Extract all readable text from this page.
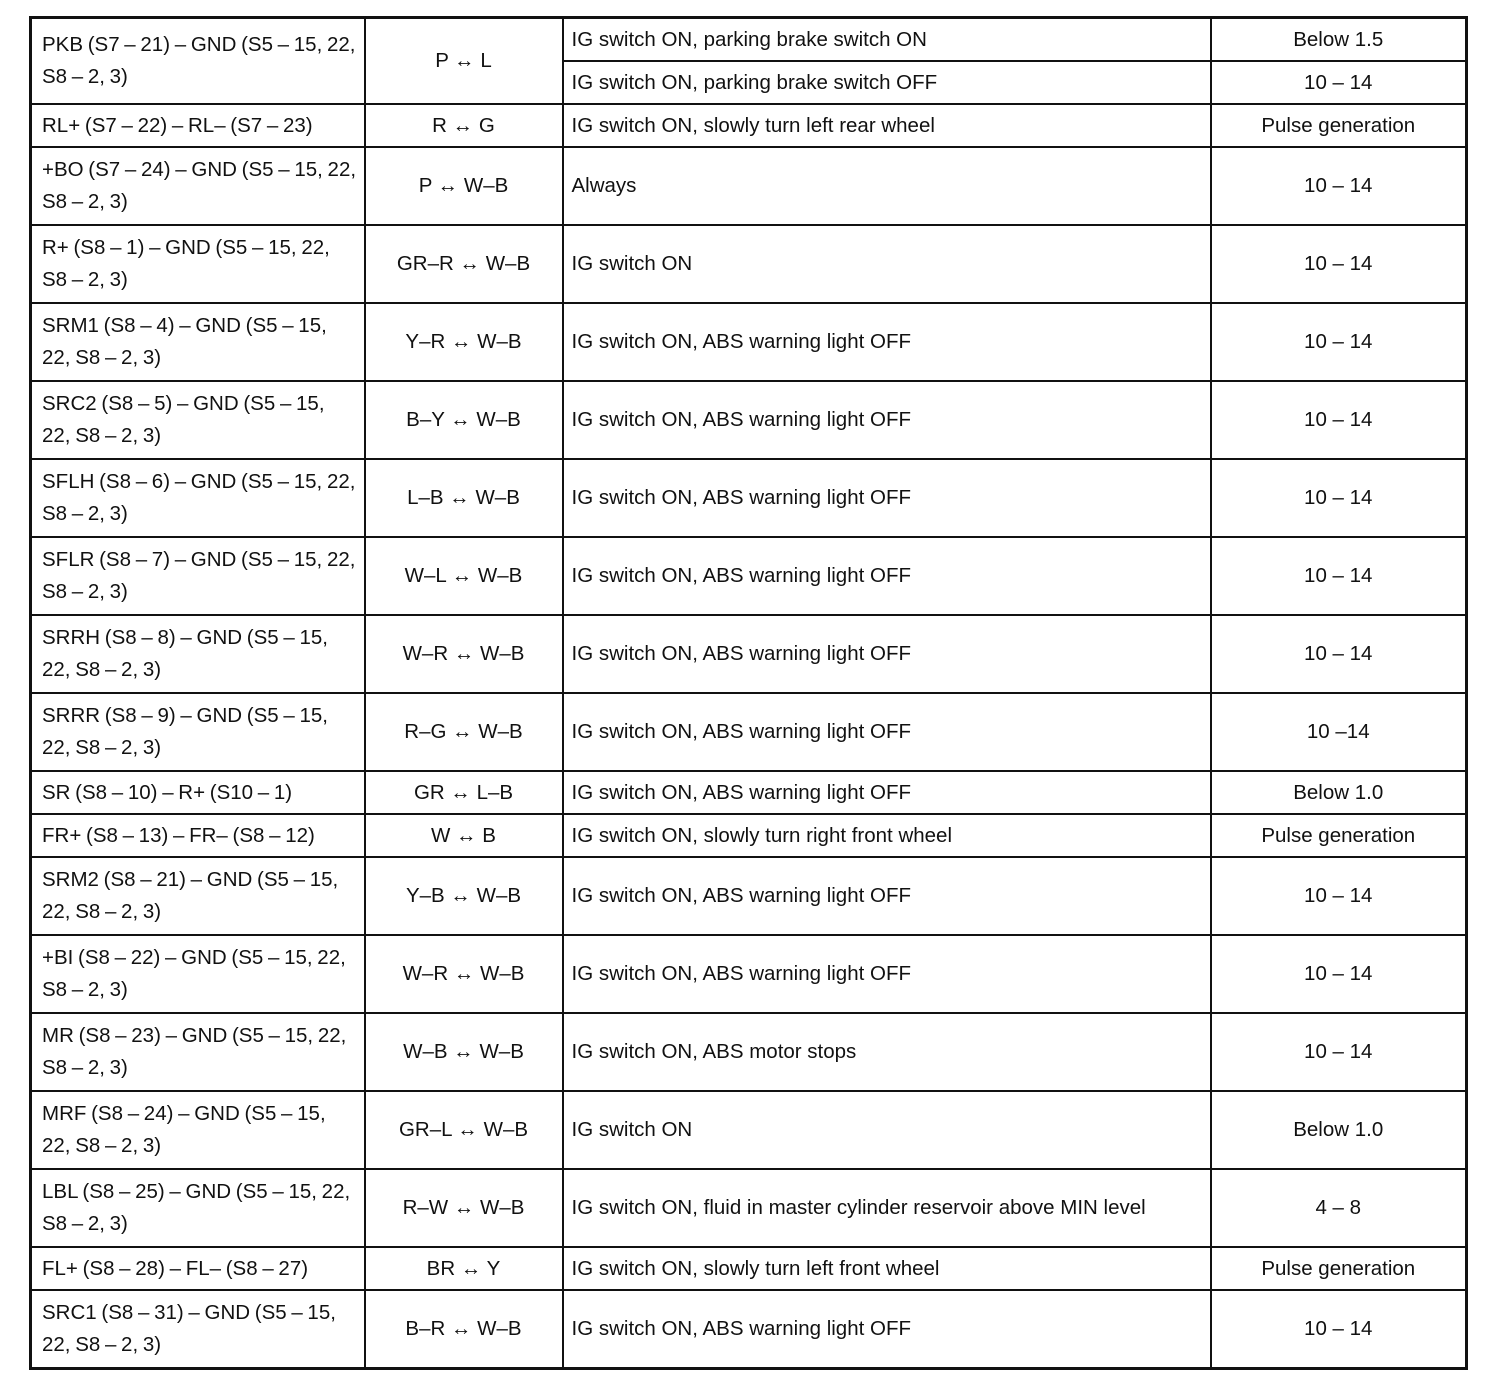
PKB (S7 – 21) – GND (S5 – 15, 22, S8 – 2, 3)	P ↔ L	IG switch ON, parking brake switch ON	Below 1.5
		IG switch ON, parking brake switch OFF	10 – 14
RL+ (S7 – 22) – RL– (S7 – 23)	R ↔ G	IG switch ON, slowly turn left rear wheel	Pulse generation
+BO (S7 – 24) – GND (S5 – 15, 22, S8 – 2, 3)	P ↔ W–B	Always	10 – 14
R+ (S8 – 1) – GND (S5 – 15, 22, S8 – 2, 3)	GR–R ↔ W–B	IG switch ON	10 – 14
SRM1 (S8 – 4) – GND (S5 – 15, 22, S8 – 2, 3)	Y–R ↔ W–B	IG switch ON, ABS warning light OFF	10 – 14
SRC2 (S8 – 5) – GND (S5 – 15, 22, S8 – 2, 3)	B–Y ↔ W–B	IG switch ON, ABS warning light OFF	10 – 14
SFLH (S8 – 6) – GND (S5 – 15, 22, S8 – 2, 3)	L–B ↔ W–B	IG switch ON, ABS warning light OFF	10 – 14
SFLR (S8 – 7) – GND (S5 – 15, 22, S8 – 2, 3)	W–L ↔ W–B	IG switch ON, ABS warning light OFF	10 – 14
SRRH (S8 – 8) – GND (S5 – 15, 22, S8 – 2, 3)	W–R ↔ W–B	IG switch ON, ABS warning light OFF	10 – 14
SRRR (S8 – 9) – GND (S5 – 15, 22, S8 – 2, 3)	R–G ↔ W–B	IG switch ON, ABS warning light OFF	10 –14
SR (S8 – 10) – R+ (S10 – 1)	GR ↔ L–B	IG switch ON, ABS warning light OFF	Below 1.0
FR+ (S8 – 13) – FR– (S8 – 12)	W ↔ B	IG switch ON, slowly turn right front wheel	Pulse generation
SRM2 (S8 – 21) – GND (S5 – 15, 22, S8 – 2, 3)	Y–B ↔ W–B	IG switch ON, ABS warning light OFF	10 – 14
+BI (S8 – 22) – GND (S5 – 15, 22, S8 – 2, 3)	W–R ↔ W–B	IG switch ON, ABS warning light OFF	10 – 14
MR (S8 – 23) – GND (S5 – 15, 22, S8 – 2, 3)	W–B ↔ W–B	IG switch ON, ABS motor stops	10 – 14
MRF (S8 – 24) – GND (S5 – 15, 22, S8 – 2, 3)	GR–L ↔ W–B	IG switch ON	Below 1.0
LBL (S8 – 25) – GND (S5 – 15, 22, S8 – 2, 3)	R–W ↔ W–B	IG switch ON, fluid in master cylinder reservoir above MIN level	4 – 8
FL+ (S8 – 28) – FL– (S8 – 27)	BR ↔ Y	IG switch ON, slowly turn left front wheel	Pulse generation
SRC1 (S8 – 31) – GND (S5 – 15, 22, S8 – 2, 3)	B–R ↔ W–B	IG switch ON, ABS warning light OFF	10 – 14
